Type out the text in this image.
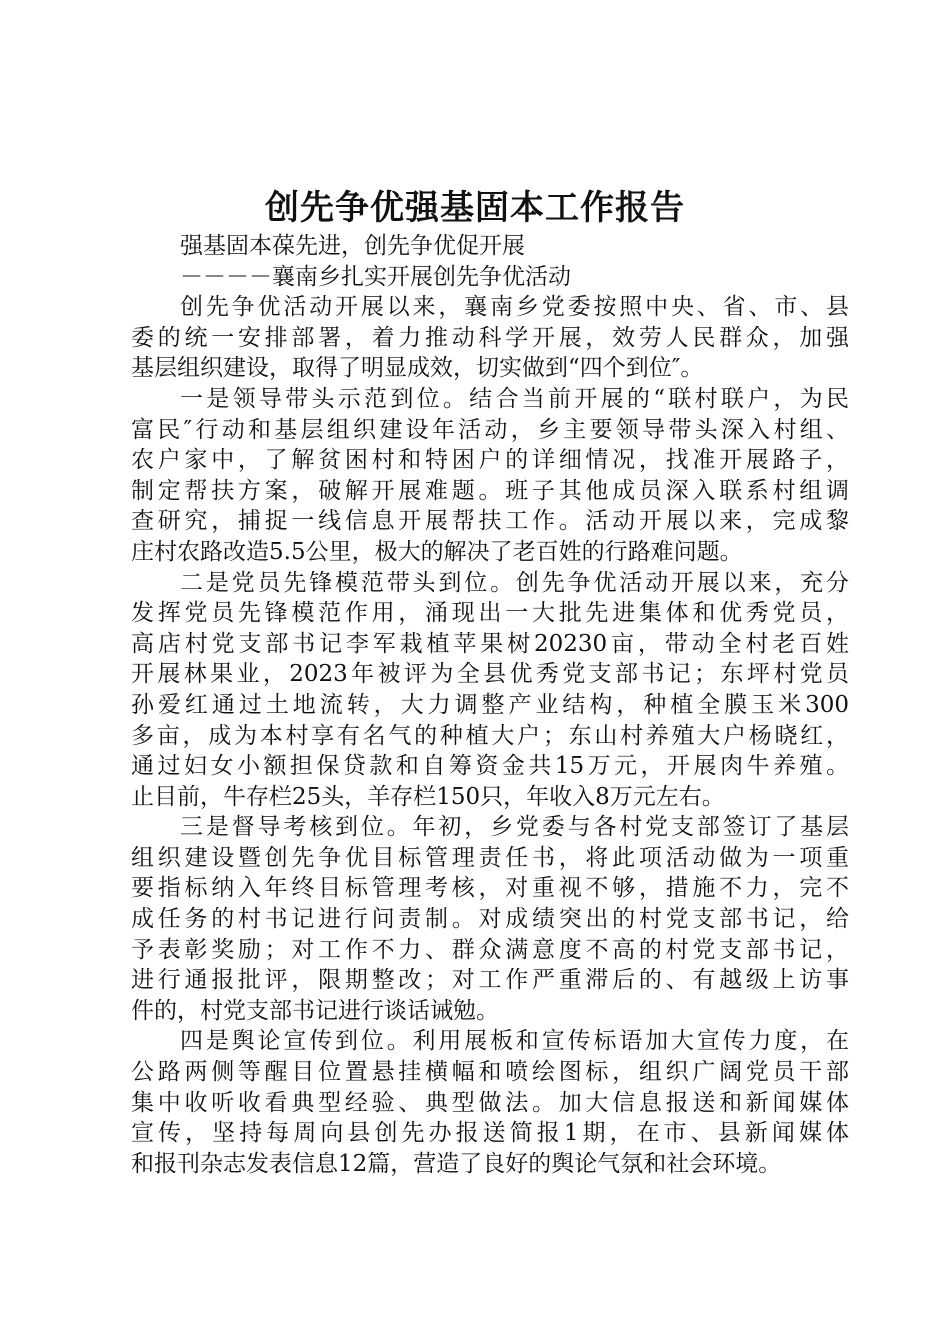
创先争优强基固本工作报告
强基固本葆先进，创先争优促开展
－－－－襄南乡扎实开展创先争优活动
创先争优活动开展以来，襄南乡党委按照中央、省、市、县
委的统一安排部署，着力推动科学开展，效劳人民群众，加强
基层组织建设，取得了明显成效，切实做到“四个到位″。
一是领导带头示范到位。结合当前开展的“联村联户，为民
富民″行动和基层组织建设年活动，乡主要领导带头深入村组、
农户家中，了解贫困村和特困户的详细情况，找准开展路子，
制定帮扶方案，破解开展难题。班子其他成员深入联系村组调
查研究，捕捉一线信息开展帮扶工作。活动开展以来，完成黎
庄村农路改造5.5公里，极大的解决了老百姓的行路难问题。
二是党员先锋模范带头到位。创先争优活动开展以来，充分
发挥党员先锋模范作用，涌现出一大批先进集体和优秀党员，
高店村党支部书记李军栽植苹果树20230亩，带动全村老百姓
开展林果业，2023年被评为全县优秀党支部书记；东坪村党员
孙爱红通过土地流转，大力调整产业结构，种植全膜玉米300
多亩，成为本村享有名气的种植大户；东山村养殖大户杨晓红，
通过妇女小额担保贷款和自筹资金共15万元，开展肉牛养殖。
止目前，牛存栏25头，羊存栏150只，年收入8万元左右。
三是督导考核到位。年初，乡党委与各村党支部签订了基层
组织建设暨创先争优目标管理责任书，将此项活动做为一项重
要指标纳入年终目标管理考核，对重视不够，措施不力，完不
成任务的村书记进行问责制。对成绩突出的村党支部书记，给
予表彰奖励；对工作不力、群众满意度不高的村党支部书记，
进行通报批评，限期整改；对工作严重滞后的、有越级上访事
件的，村党支部书记进行谈话诫勉。
四是舆论宣传到位。利用展板和宣传标语加大宣传力度，在
公路两侧等醒目位置悬挂横幅和喷绘图标，组织广阔党员干部
集中收听收看典型经验、典型做法。加大信息报送和新闻媒体
宣传，坚持每周向县创先办报送简报1期，在市、县新闻媒体
和报刊杂志发表信息12篇，营造了良好的舆论气氛和社会环境。
